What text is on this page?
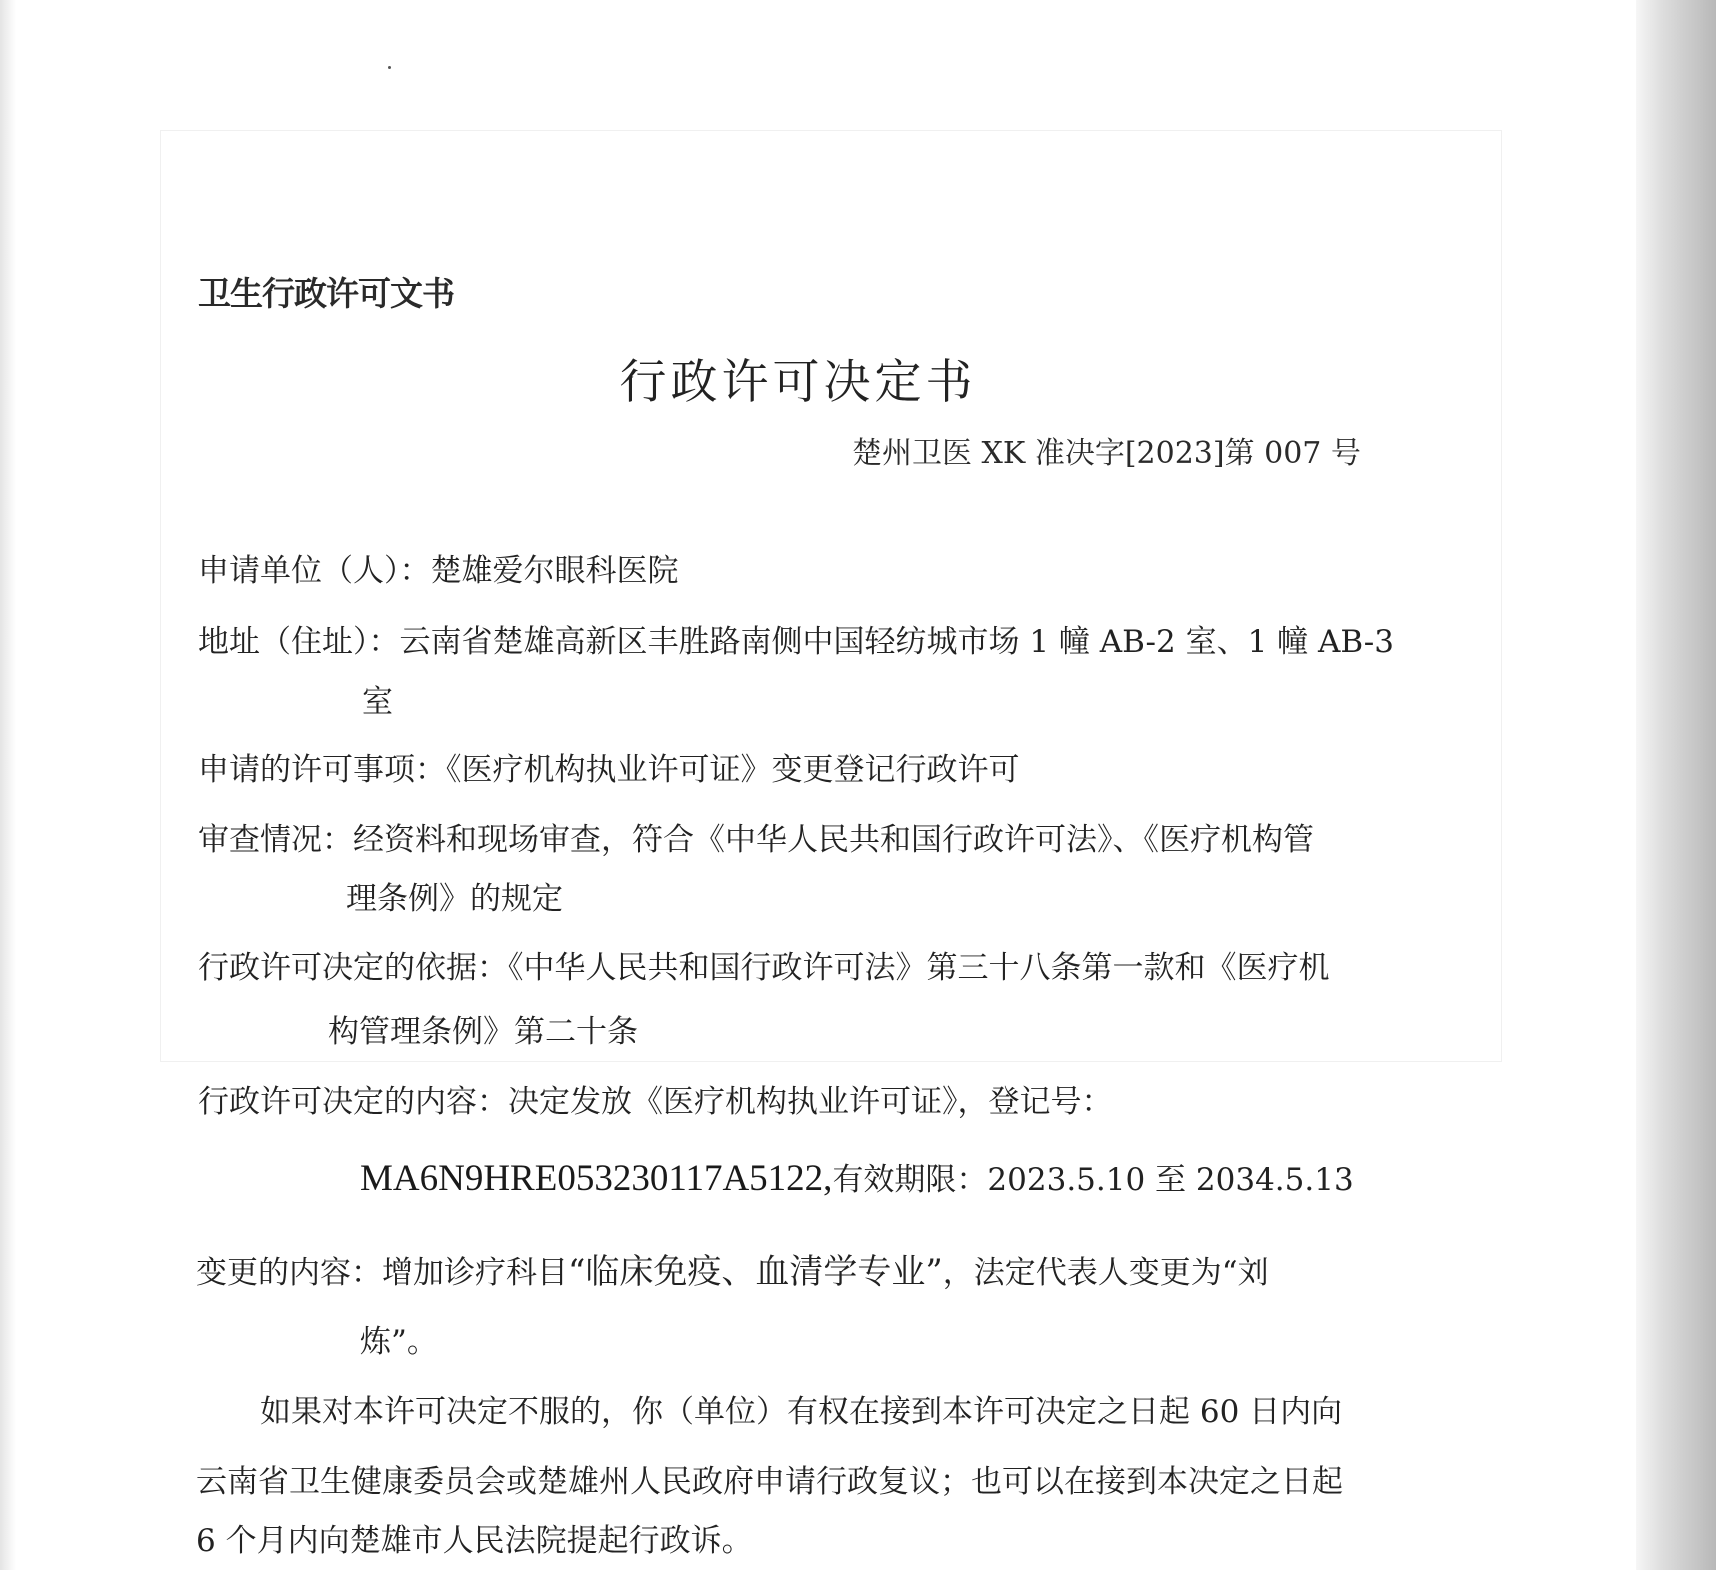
卫生行政许可文书
行政许可决定书
楚州卫医 XK 准决字[2023]第 007 号
申请单位（人）：楚雄爱尔眼科医院
地址（住址）：云南省楚雄高新区丰胜路南侧中国轻纺城市场 1 幢 AB-2 室、1 幢 AB-3
室
申请的许可事项：《医疗机构执业许可证》变更登记行政许可
审查情况：经资料和现场审查，符合《中华人民共和国行政许可法》、《医疗机构管
理条例》的规定
行政许可决定的依据：《中华人民共和国行政许可法》第三十八条第一款和《医疗机
构管理条例》第二十条
行政许可决定的内容：决定发放《医疗机构执业许可证》，登记号：
MA6N9HRE053230117A5122,有效期限：2023.5.10 至 2034.5.13
变更的内容：增加诊疗科目“临床免疫、血清学专业”，法定代表人变更为“刘
炼”。
如果对本许可决定不服的，你（单位）有权在接到本许可决定之日起 60 日内向
云南省卫生健康委员会或楚雄州人民政府申请行政复议；也可以在接到本决定之日起
6 个月内向楚雄市人民法院提起行政诉。
